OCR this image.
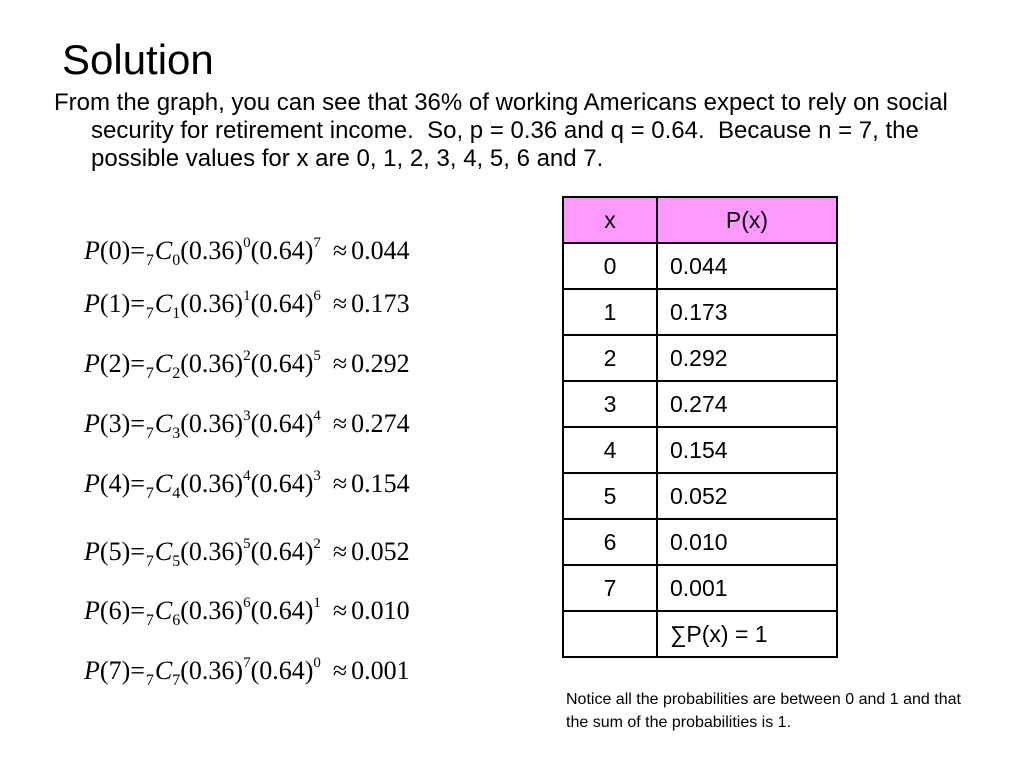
Solution

From the graph, you can see that 36% of working Americans expect to rely on social security for retirement income.  So, p = 0.36 and q = 0.64.  Because n = 7, the possible values for x are 0, 1, 2, 3, 4, 5, 6 and 7.

$P(0)=_7C_0(0.36)^0(0.64)^7 \approx 0.044$
$P(1)=_7C_1(0.36)^1(0.64)^6 \approx 0.173$
$P(2)=_7C_2(0.36)^2(0.64)^5 \approx 0.292$
$P(3)=_7C_3(0.36)^3(0.64)^4 \approx 0.274$
$P(4)=_7C_4(0.36)^4(0.64)^3 \approx 0.154$
$P(5)=_7C_5(0.36)^5(0.64)^2 \approx 0.052$
$P(6)=_7C_6(0.36)^6(0.64)^1 \approx 0.010$
$P(7)=_7C_7(0.36)^7(0.64)^0 \approx 0.001$
x	P(x)
0	0.044
1	0.173
2	0.292
3	0.274
4	0.154
5	0.052
6	0.010
7	0.001
	∑P(x) = 1

Notice all the probabilities are between 0 and 1 and that the sum of the probabilities is 1.
